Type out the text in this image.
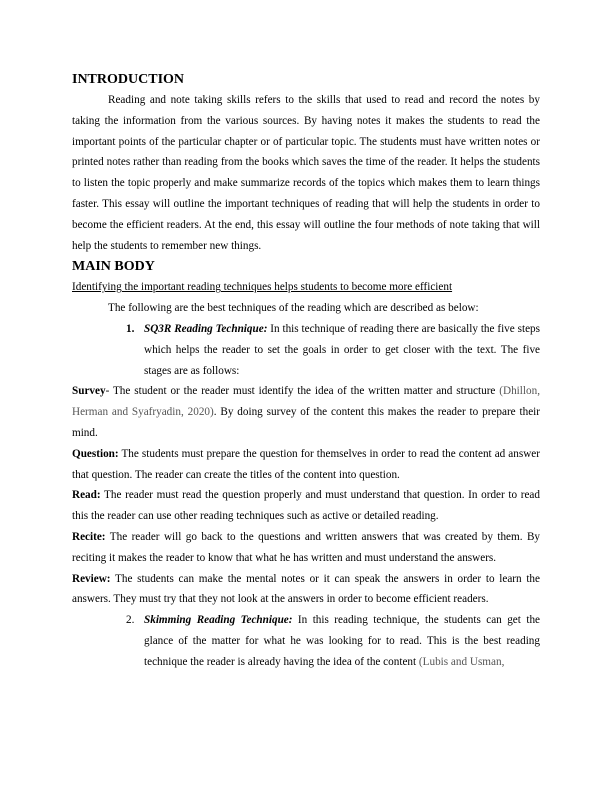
INTRODUCTION

Reading and note taking skills refers to the skills that used to read and record the notes by taking the information from the various sources. By having notes it makes the students to read the important points of the particular chapter or of particular topic. The students must have written notes or printed notes rather than reading from the books which saves the time of the reader. It helps the students to listen the topic properly and make summarize records of the topics which makes them to learn things faster. This essay will outline the important techniques of reading that will help the students in order to become the efficient readers. At the end, this essay will outline the four methods of note taking that will help the students to remember new things.

MAIN BODY

Identifying the important reading techniques helps students to become more efficient

The following are the best techniques of the reading which are described as below:

1. SQ3R Reading Technique: In this technique of reading there are basically the five steps which helps the reader to set the goals in order to get closer with the text. The five stages are as follows:

Survey- The student or the reader must identify the idea of the written matter and structure (Dhillon, Herman and Syafryadin, 2020). By doing survey of the content this makes the reader to prepare their mind.

Question: The students must prepare the question for themselves in order to read the content ad answer that question. The reader can create the titles of the content into question.

Read: The reader must read the question properly and must understand that question. In order to read this the reader can use other reading techniques such as active or detailed reading.

Recite: The reader will go back to the questions and written answers that was created by them. By reciting it makes the reader to know that what he has written and must understand the answers.

Review: The students can make the mental notes or it can speak the answers in order to learn the answers. They must try that they not look at the answers in order to become efficient readers.

2. Skimming Reading Technique: In this reading technique, the students can get the glance of the matter for what he was looking for to read. This is the best reading technique the reader is already having the idea of the content (Lubis and Usman,
